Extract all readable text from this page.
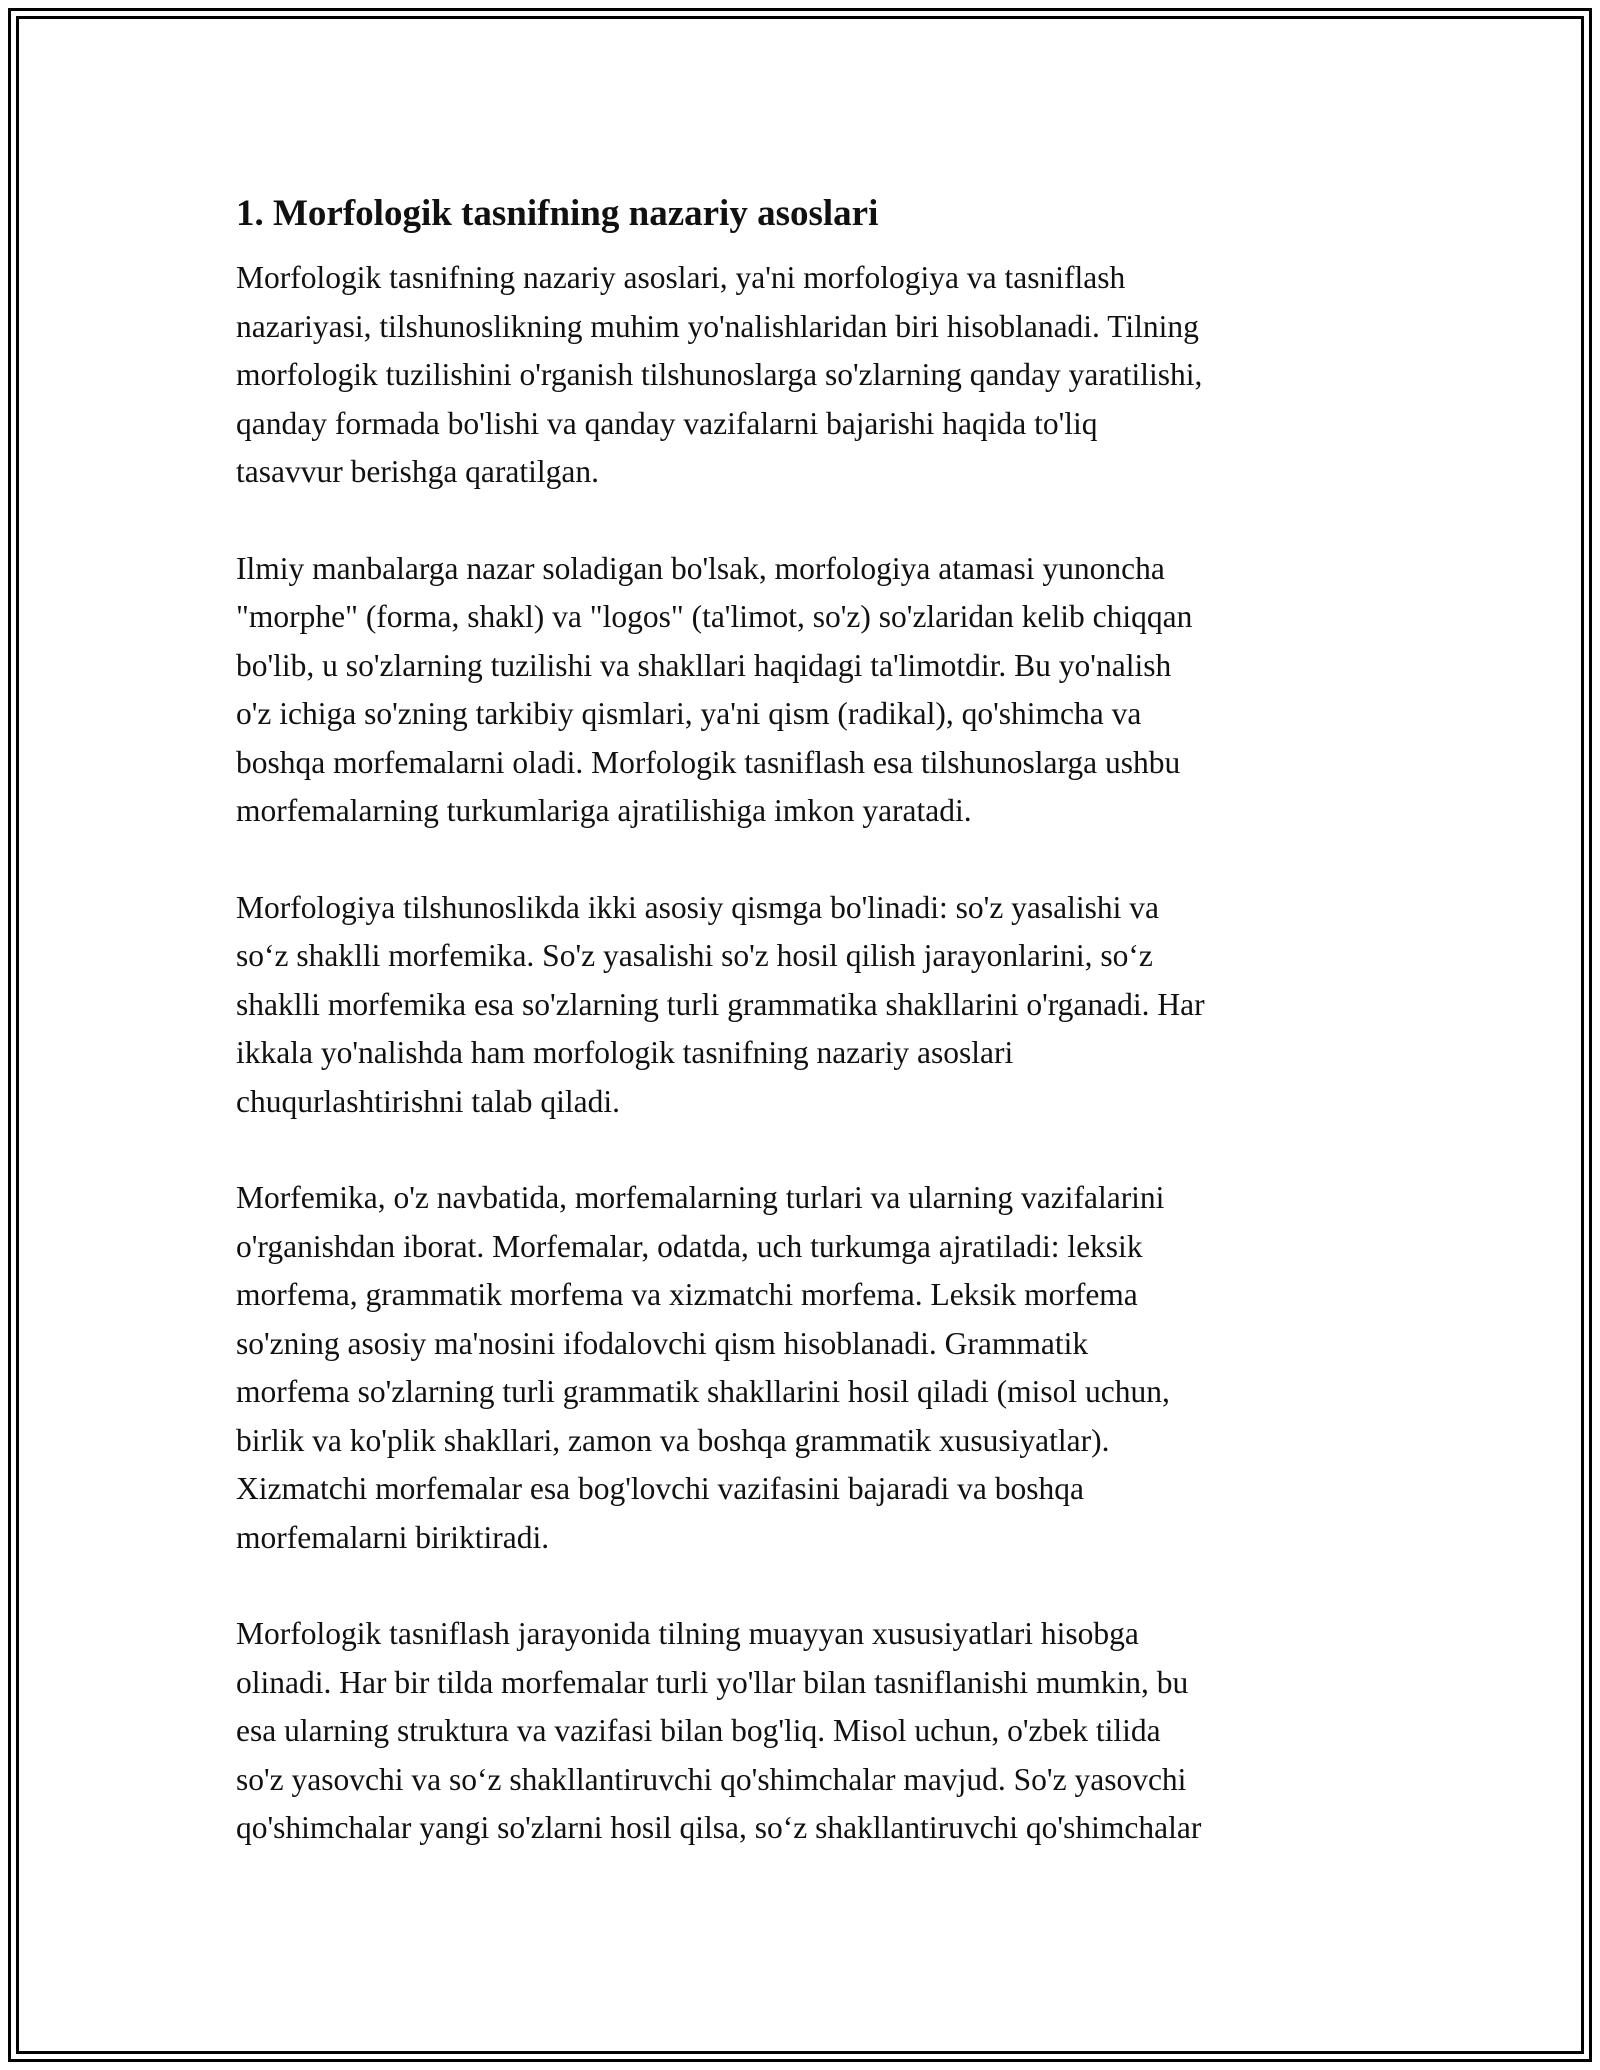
1. Morfologik tasnifning nazariy asoslari

Morfologik tasnifning nazariy asoslari, ya'ni morfologiya va tasniflash
nazariyasi, tilshunoslikning muhim yo'nalishlaridan biri hisoblanadi. Tilning
morfologik tuzilishini o'rganish tilshunoslarga so'zlarning qanday yaratilishi,
qanday formada bo'lishi va qanday vazifalarni bajarishi haqida to'liq
tasavvur berishga qaratilgan.

Ilmiy manbalarga nazar soladigan bo'lsak, morfologiya atamasi yunoncha
"morphe" (forma, shakl) va "logos" (ta'limot, so'z) so'zlaridan kelib chiqqan
bo'lib, u so'zlarning tuzilishi va shakllari haqidagi ta'limotdir. Bu yo'nalish
o'z ichiga so'zning tarkibiy qismlari, ya'ni qism (radikal), qo'shimcha va
boshqa morfemalarni oladi. Morfologik tasniflash esa tilshunoslarga ushbu
morfemalarning turkumlariga ajratilishiga imkon yaratadi.

Morfologiya tilshunoslikda ikki asosiy qismga bo'linadi: so'z yasalishi va
so‘z shaklli morfemika. So'z yasalishi so'z hosil qilish jarayonlarini, so‘z
shaklli morfemika esa so'zlarning turli grammatika shakllarini o'rganadi. Har
ikkala yo'nalishda ham morfologik tasnifning nazariy asoslari
chuqurlashtirishni talab qiladi.

Morfemika, o'z navbatida, morfemalarning turlari va ularning vazifalarini
o'rganishdan iborat. Morfemalar, odatda, uch turkumga ajratiladi: leksik
morfema, grammatik morfema va xizmatchi morfema. Leksik morfema
so'zning asosiy ma'nosini ifodalovchi qism hisoblanadi. Grammatik
morfema so'zlarning turli grammatik shakllarini hosil qiladi (misol uchun,
birlik va ko'plik shakllari, zamon va boshqa grammatik xususiyatlar).
Xizmatchi morfemalar esa bog'lovchi vazifasini bajaradi va boshqa
morfemalarni biriktiradi.

Morfologik tasniflash jarayonida tilning muayyan xususiyatlari hisobga
olinadi. Har bir tilda morfemalar turli yo'llar bilan tasniflanishi mumkin, bu
esa ularning struktura va vazifasi bilan bog'liq. Misol uchun, o'zbek tilida
so'z yasovchi va so‘z shakllantiruvchi qo'shimchalar mavjud. So'z yasovchi
qo'shimchalar yangi so'zlarni hosil qilsa, so‘z shakllantiruvchi qo'shimchalar
